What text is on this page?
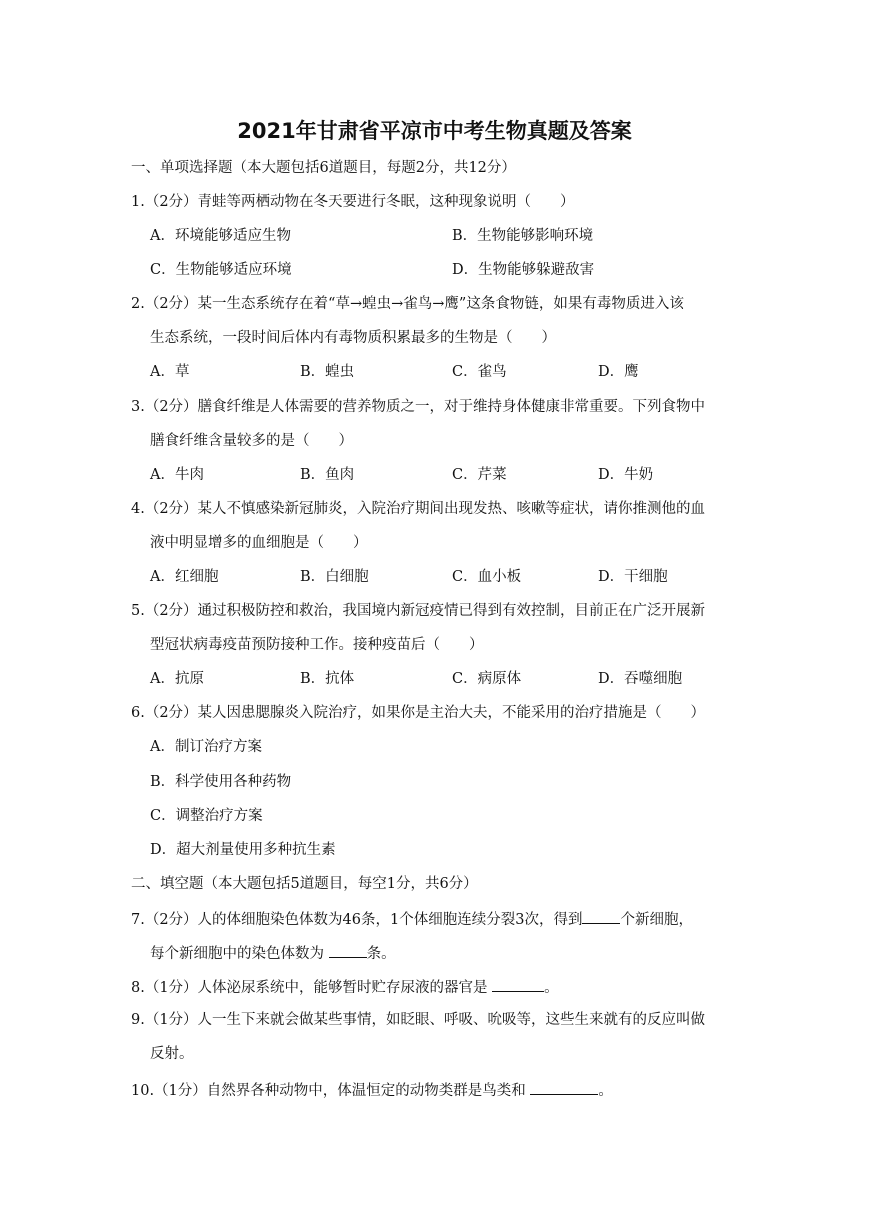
2021年甘肃省平凉市中考生物真题及答案
一、单项选择题（本大题包括6道题目，每题2分，共12分）
1.（2分）青蛙等两栖动物在冬天要进行冬眠，这种现象说明（　　）
A．环境能够适应生物	B．生物能够影响环境
C．生物能够适应环境	D．生物能够躲避敌害
2.（2分）某一生态系统存在着“草→蝗虫→雀鸟→鹰”这条食物链，如果有毒物质进入该
生态系统，一段时间后体内有毒物质积累最多的生物是（　　）
A．草	B．蝗虫	C．雀鸟	D．鹰
3.（2分）膳食纤维是人体需要的营养物质之一，对于维持身体健康非常重要。下列食物中
膳食纤维含量较多的是（　　）
A．牛肉	B．鱼肉	C．芹菜	D．牛奶
4.（2分）某人不慎感染新冠肺炎，入院治疗期间出现发热、咳嗽等症状，请你推测他的血
液中明显增多的血细胞是（　　）
A．红细胞	B．白细胞	C．血小板	D．干细胞
5.（2分）通过积极防控和救治，我国境内新冠疫情已得到有效控制，目前正在广泛开展新
型冠状病毒疫苗预防接种工作。接种疫苗后（　　）
A．抗原	B．抗体	C．病原体	D．吞噬细胞
6.（2分）某人因患腮腺炎入院治疗，如果你是主治大夫，不能采用的治疗措施是（　　）
A．制订治疗方案
B．科学使用各种药物
C．调整治疗方案
D．超大剂量使用多种抗生素
二、填空题（本大题包括5道题目，每空1分，共6分）
7.（2分）人的体细胞染色体数为46条，1个体细胞连续分裂3次，得到	个新细胞，
每个新细胞中的染色体数为	条。
8.（1分）人体泌尿系统中，能够暂时贮存尿液的器官是	。
9.（1分）人一生下来就会做某些事情，如眨眼、呼吸、吮吸等，这些生来就有的反应叫做
反射。
10.（1分）自然界各种动物中，体温恒定的动物类群是鸟类和	。
